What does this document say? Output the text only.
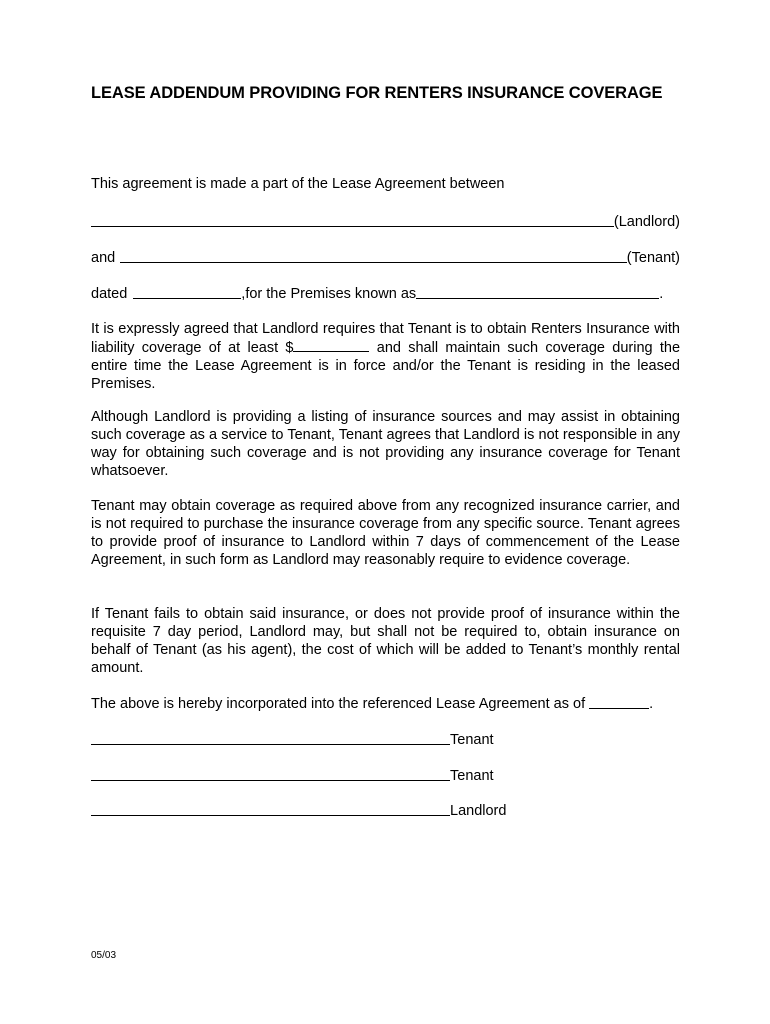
LEASE ADDENDUM PROVIDING FOR RENTERS INSURANCE COVERAGE
This agreement is made a part of the Lease Agreement between
(Landlord)
and	(Tenant)
dated	,for the Premises known as	.
It is expressly agreed that Landlord requires that Tenant is to obtain Renters Insurance with liability coverage of at least $	and shall maintain such coverage during the entire time the Lease Agreement is in force and/or the Tenant is residing in the leased Premises.
Although Landlord is providing a listing of insurance sources and may assist in obtaining such coverage as a service to Tenant, Tenant agrees that Landlord is not responsible in any way for obtaining such coverage and is not providing any insurance coverage for Tenant whatsoever.
Tenant may obtain coverage as required above from any recognized insurance carrier, and is not required to purchase the insurance coverage from any specific source. Tenant agrees to provide proof of insurance to Landlord within 7 days of commencement of the Lease Agreement, in such form as Landlord may reasonably require to evidence coverage.
If Tenant fails to obtain said insurance, or does not provide proof of insurance within the requisite 7 day period, Landlord may, but shall not be required to, obtain insurance on behalf of Tenant (as his agent), the cost of which will be added to Tenant’s monthly rental amount.
The above is hereby incorporated into the referenced Lease Agreement as of	.
Tenant
Tenant
Landlord
05/03
